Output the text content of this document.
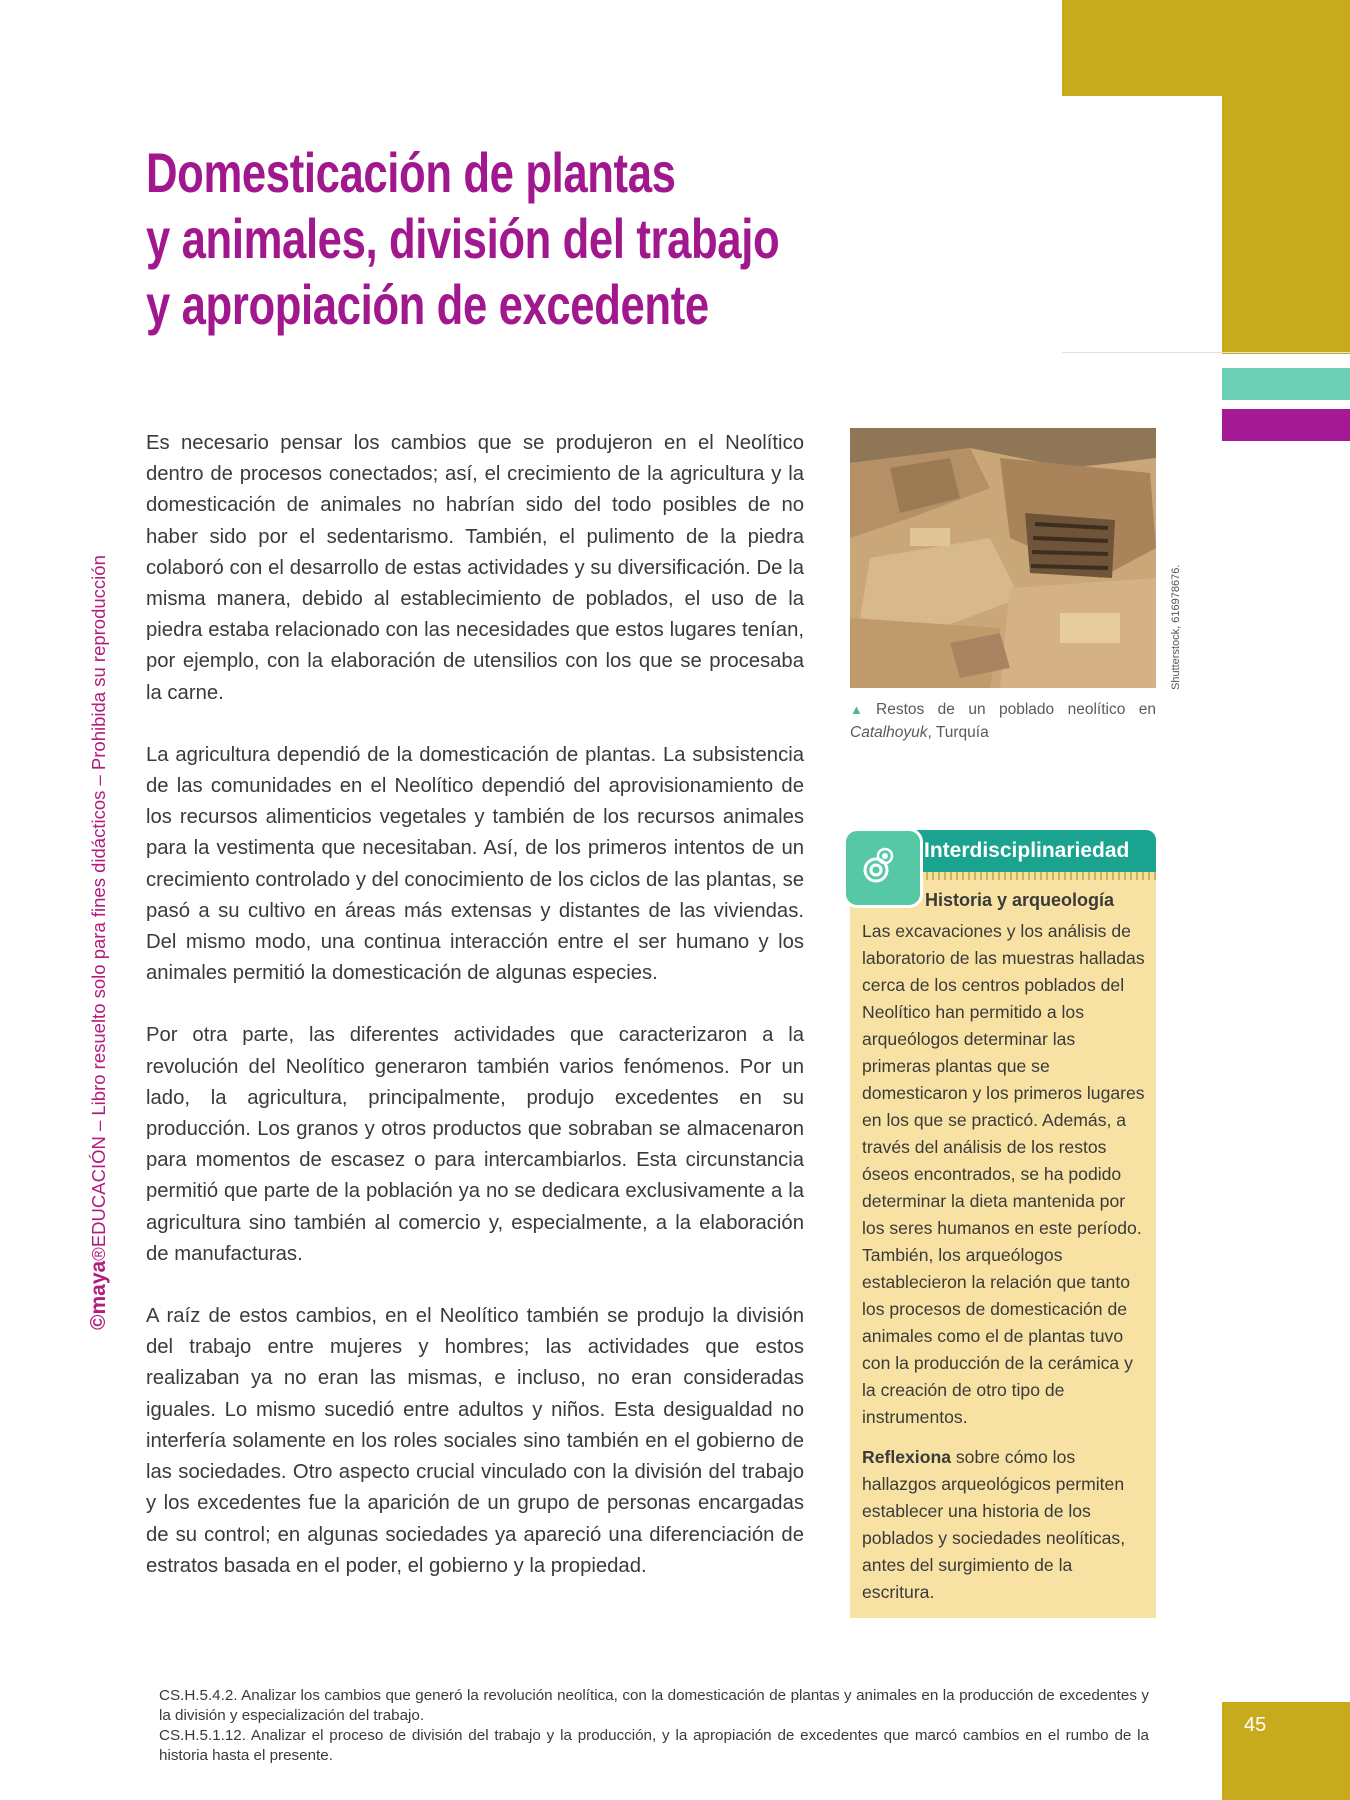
Domesticación de plantas
y animales, división del trabajo
y apropiación de excedente
©maya®EDUCACIÓN – Libro resuelto solo para fines didácticos – Prohibida su reproducción

Es necesario pensar los cambios que se produjeron en el Neolítico dentro de procesos conectados; así, el crecimiento de la agricultura y la domesticación de animales no habrían sido del todo posibles de no haber sido por el sedentarismo. También, el pulimento de la piedra colaboró con el desarrollo de estas actividades y su diversificación. De la misma manera, debido al establecimiento de poblados, el uso de la piedra estaba relacionado con las necesidades que estos lugares tenían, por ejemplo, con la elaboración de utensilios con los que se procesaba la carne.

La agricultura dependió de la domesticación de plantas. La subsistencia de las comunidades en el Neolítico dependió del aprovisionamiento de los recursos alimenticios vegetales y también de los recursos animales para la vestimenta que necesitaban. Así, de los primeros intentos de un crecimiento controlado y del conocimiento de los ciclos de las plantas, se pasó a su cultivo en áreas más extensas y distantes de las viviendas. Del mismo modo, una continua interacción entre el ser humano y los animales permitió la domesticación de algunas especies.

Por otra parte, las diferentes actividades que caracterizaron a la revolución del Neolítico generaron también varios fenómenos. Por un lado, la agricultura, principalmente, produjo excedentes en su producción. Los granos y otros productos que sobraban se almacenaron para momentos de escasez o para intercambiarlos. Esta circunstancia permitió que parte de la población ya no se dedicara exclusivamente a la agricultura sino también al comercio y, especialmente, a la elaboración de manufacturas.

A raíz de estos cambios, en el Neolítico también se produjo la división del trabajo entre mujeres y hombres; las actividades que estos realizaban ya no eran las mismas, e incluso, no eran consideradas iguales. Lo mismo sucedió entre adultos y niños. Esta desigualdad no interfería solamente en los roles sociales sino también en el gobierno de las sociedades. Otro aspecto crucial vinculado con la división del trabajo y los excedentes fue la aparición de un grupo de personas encargadas de su control; en algunas sociedades ya apareció una diferenciación de estratos basada en el poder, el gobierno y la propiedad.

Shutterstock, 616978676.
▲ Restos de un poblado neolítico en Catalhoyuk, Turquía
Interdisciplinariedad
Historia y arqueología

Las excavaciones y los análisis de laboratorio de las muestras halladas cerca de los centros poblados del Neolítico han permitido a los arqueólogos determinar las primeras plantas que se domesticaron y los primeros lugares en los que se practicó. Además, a través del análisis de los restos óseos encontrados, se ha podido determinar la dieta mantenida por los seres humanos en este período. También, los arqueólogos establecieron la relación que tanto los procesos de domesticación de animales como el de plantas tuvo con la producción de la cerámica y la creación de otro tipo de instrumentos.

Reflexiona sobre cómo los hallazgos arqueológicos permiten establecer una historia de los poblados y sociedades neolíticas, antes del surgimiento de la escritura.

CS.H.5.4.2. Analizar los cambios que generó la revolución neolítica, con la domesticación de plantas y animales en la producción de excedentes y la división y especialización del trabajo.

CS.H.5.1.12. Analizar el proceso de división del trabajo y la producción, y la apropiación de excedentes que marcó cambios en el rumbo de la historia hasta el presente.

45
